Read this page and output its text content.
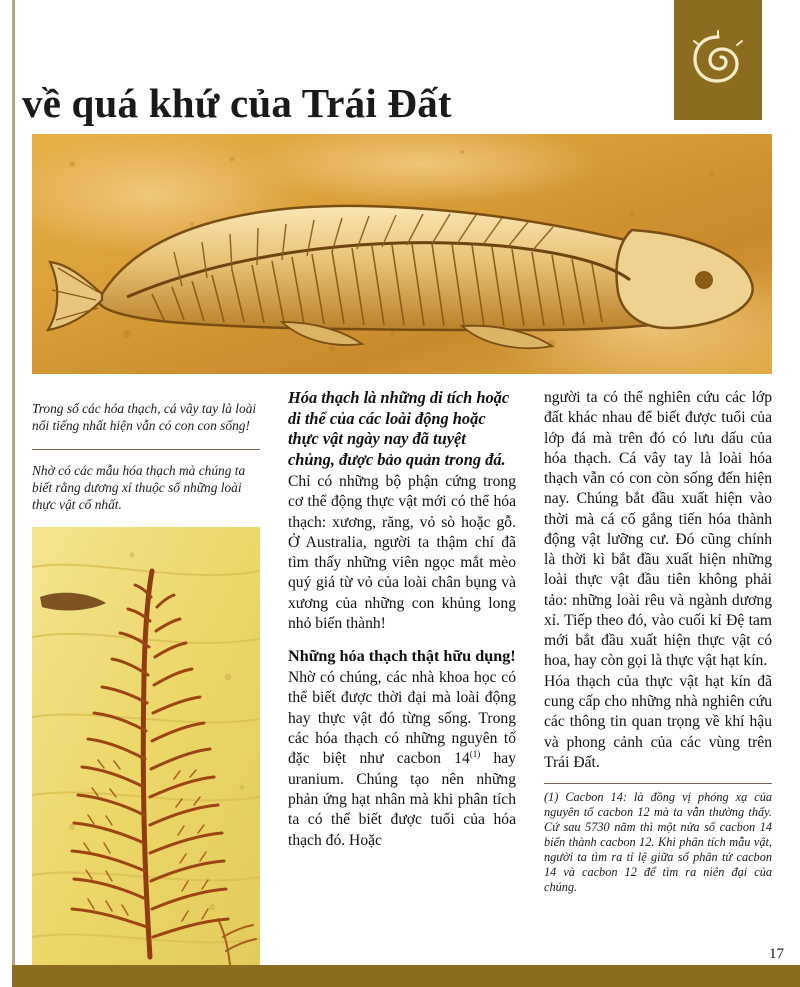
về quá khứ của Trái Đất

Trong số các hóa thạch, cá vây tay là loài nổi tiếng nhất hiện vẫn có con con sống!

Nhờ có các mẫu hóa thạch mà chúng ta biết rằng dương xỉ thuộc số những loài thực vật cổ nhất.

Hóa thạch là những di tích hoặc di thể của các loài động hoặc thực vật ngày nay đã tuyệt chủng, được bảo quản trong đá.

Chỉ có những bộ phận cứng trong cơ thể động thực vật mới có thể hóa thạch: xương, răng, vỏ sò hoặc gỗ. Ở Australia, người ta thậm chí đã tìm thấy những viên ngọc mắt mèo quý giá từ vỏ của loài chân bụng và xương của những con khủng long nhỏ biến thành!

Những hóa thạch thật hữu dụng!

Nhờ có chúng, các nhà khoa học có thể biết được thời đại mà loài động hay thực vật đó từng sống. Trong các hóa thạch có những nguyên tố đặc biệt như cacbon 14$^{(1)}$ hay uranium. Chúng tạo nên những phản ứng hạt nhân mà khi phân tích ta có thể biết được tuổi của hóa thạch đó. Hoặc

người ta có thể nghiên cứu các lớp đất khác nhau để biết được tuổi của lớp đá mà trên đó có lưu dấu của hóa thạch. Cá vây tay là loài hóa thạch vẫn có con còn sống đến hiện nay. Chúng bắt đầu xuất hiện vào thời mà cá cố gắng tiến hóa thành động vật lưỡng cư. Đó cũng chính là thời kì bắt đầu xuất hiện những loài thực vật đầu tiên không phải tảo: những loài rêu và ngành dương xỉ. Tiếp theo đó, vào cuối kỉ Đệ tam mới bắt đầu xuất hiện thực vật có hoa, hay còn gọi là thực vật hạt kín.

Hóa thạch của thực vật hạt kín đã cung cấp cho những nhà nghiên cứu các thông tin quan trọng về khí hậu và phong cảnh của các vùng trên Trái Đất.

(1) Cacbon 14: là đồng vị phóng xạ của nguyên tố cacbon 12 mà ta vẫn thường thấy. Cứ sau 5730 năm thì một nửa số cacbon 14 biến thành cacbon 12. Khi phân tích mẫu vật, người ta tìm ra tỉ lệ giữa số phân tử cacbon 14 và cacbon 12 để tìm ra niên đại của chúng.

17
